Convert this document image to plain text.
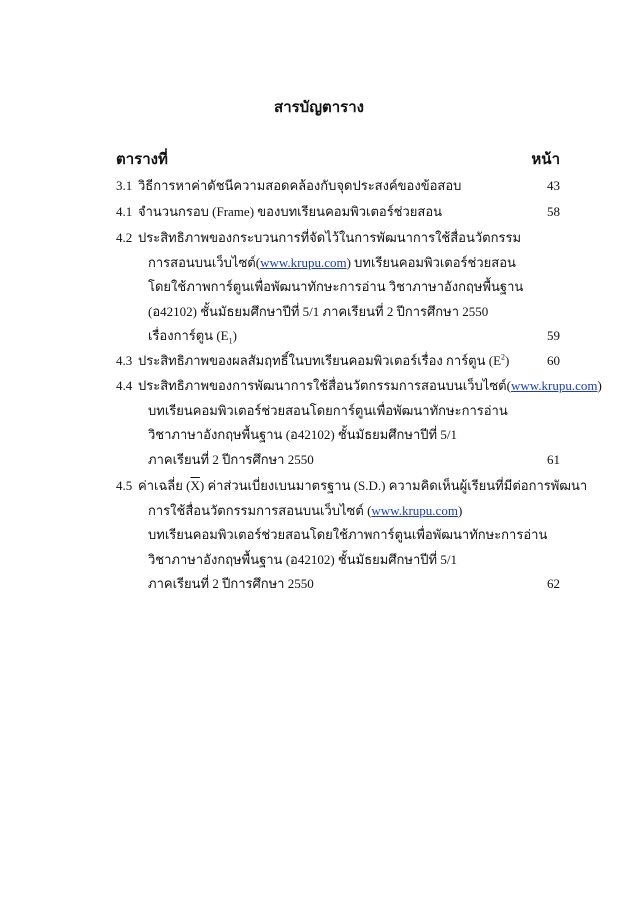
สารบัญตาราง
ตารางที่	หน้า
3.1 วิธีการหาค่าดัชนีความสอดคล้องกับจุดประสงค์ของข้อสอบ	43
4.1 จำนวนกรอบ (Frame) ของบทเรียนคอมพิวเตอร์ช่วยสอน	58
4.2 ประสิทธิภาพของกระบวนการที่จัดไว้ในการพัฒนาการใช้สื่อนวัตกรรม
การสอนบนเว็บไซต์(www.krupu.com) บทเรียนคอมพิวเตอร์ช่วยสอน
โดยใช้ภาพการ์ตูนเพื่อพัฒนาทักษะการอ่าน วิชาภาษาอังกฤษพื้นฐาน
(อ42102) ชั้นมัธยมศึกษาปีที่ 5/1 ภาคเรียนที่ 2 ปีการศึกษา 2550
เรื่องการ์ตูน $(E_1)$	59
4.3 ประสิทธิภาพของผลสัมฤทธิ์ในบทเรียนคอมพิวเตอร์เรื่อง การ์ตูน $(E^2)$	60
4.4 ประสิทธิภาพของการพัฒนาการใช้สื่อนวัตกรรมการสอนบนเว็บไซต์(www.krupu.com)
บทเรียนคอมพิวเตอร์ช่วยสอนโดยการ์ตูนเพื่อพัฒนาทักษะการอ่าน
วิชาภาษาอังกฤษพื้นฐาน (อ42102) ชั้นมัธยมศึกษาปีที่ 5/1
ภาคเรียนที่ 2 ปีการศึกษา 2550	61
4.5 ค่าเฉลี่ย $(\overline{X})$ ค่าส่วนเบี่ยงเบนมาตรฐาน (S.D.) ความคิดเห็นผู้เรียนที่มีต่อการพัฒนา
การใช้สื่อนวัตกรรมการสอนบนเว็บไซต์ (www.krupu.com)
บทเรียนคอมพิวเตอร์ช่วยสอนโดยใช้ภาพการ์ตูนเพื่อพัฒนาทักษะการอ่าน
วิชาภาษาอังกฤษพื้นฐาน (อ42102) ชั้นมัธยมศึกษาปีที่ 5/1
ภาคเรียนที่ 2 ปีการศึกษา 2550	62
